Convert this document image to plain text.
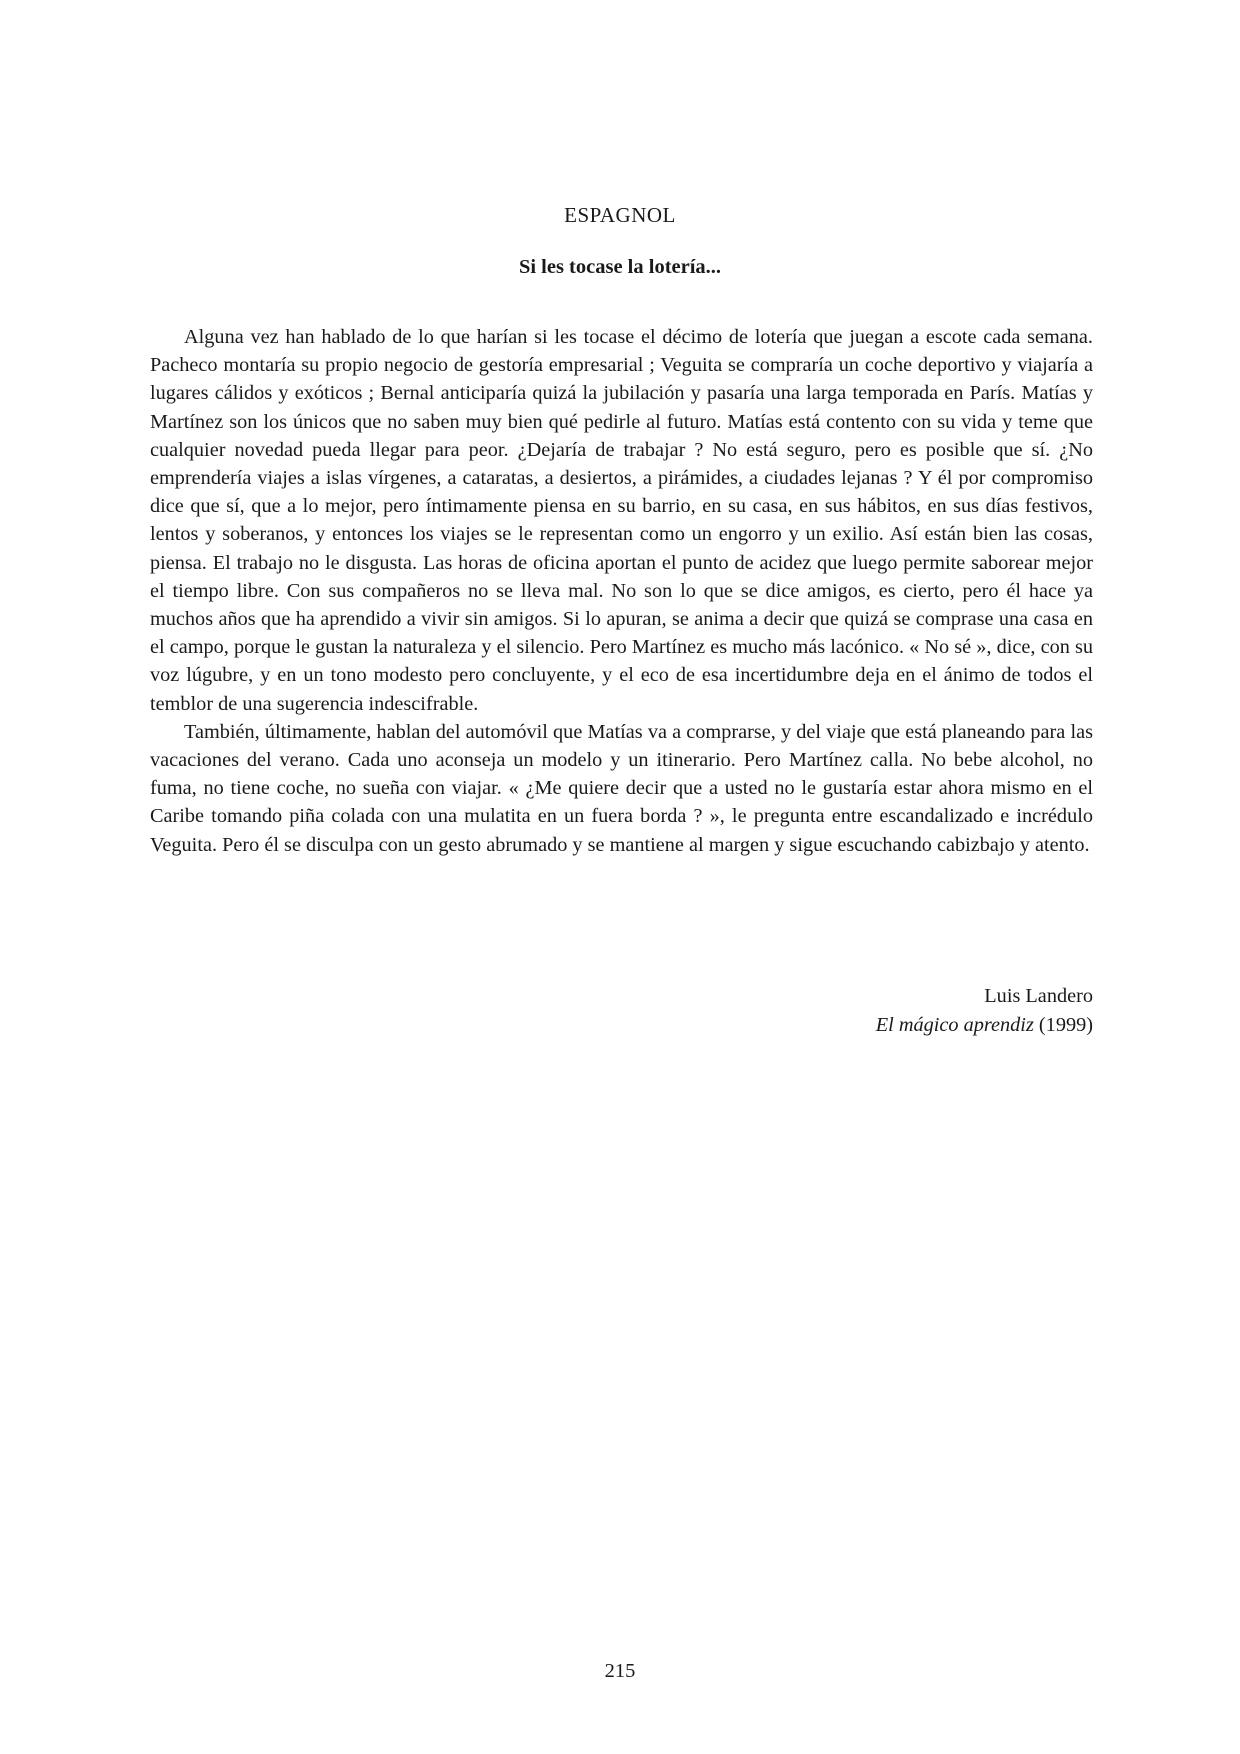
ESPAGNOL
Si les tocase la lotería...

Alguna vez han hablado de lo que harían si les tocase el décimo de lotería que juegan a escote cada semana. Pacheco montaría su propio negocio de gestoría empresarial ; Veguita se compraría un coche deportivo y viajaría a lugares cálidos y exóticos ; Bernal anticiparía quizá la jubilación y pasaría una larga temporada en París. Matías y Martínez son los únicos que no saben muy bien qué pedirle al futuro. Matías está contento con su vida y teme que cualquier novedad pueda llegar para peor. ¿Dejaría de trabajar ? No está seguro, pero es posible que sí. ¿No emprendería viajes a islas vírgenes, a cataratas, a desiertos, a pirámides, a ciudades lejanas ? Y él por compromiso dice que sí, que a lo mejor, pero íntimamente piensa en su barrio, en su casa, en sus hábitos, en sus días festivos, lentos y soberanos, y entonces los viajes se le representan como un engorro y un exilio. Así están bien las cosas, piensa. El trabajo no le disgusta. Las horas de oficina aportan el punto de acidez que luego permite saborear mejor el tiempo libre. Con sus compañeros no se lleva mal. No son lo que se dice amigos, es cierto, pero él hace ya muchos años que ha aprendido a vivir sin amigos. Si lo apuran, se anima a decir que quizá se comprase una casa en el campo, porque le gustan la naturaleza y el silencio. Pero Martínez es mucho más lacónico. « No sé », dice, con su voz lúgubre, y en un tono modesto pero concluyente, y el eco de esa incertidumbre deja en el ánimo de todos el temblor de una sugerencia indescifrable.

También, últimamente, hablan del automóvil que Matías va a comprarse, y del viaje que está planeando para las vacaciones del verano. Cada uno aconseja un modelo y un itinerario. Pero Martínez calla. No bebe alcohol, no fuma, no tiene coche, no sueña con viajar. « ¿Me quiere decir que a usted no le gustaría estar ahora mismo en el Caribe tomando piña colada con una mulatita en un fuera borda ? », le pregunta entre escandalizado e incrédulo Veguita. Pero él se disculpa con un gesto abrumado y se mantiene al margen y sigue escuchando cabizbajo y atento.

Luis Landero
El mágico aprendiz (1999)
215
